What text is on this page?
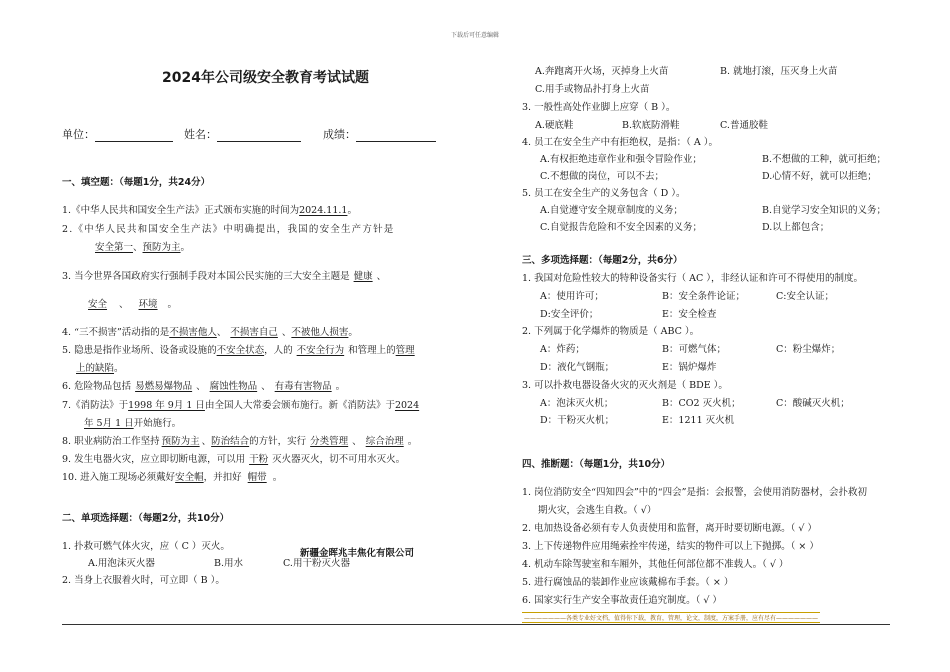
下载后可任意编辑
2024年公司级安全教育考试试题
单位：	姓名：	成绩：
一、填空题：（每题1分，共24分）
1.《中华人民共和国安全生产法》正式颁布实施的时间为2024.11.1。
2.《中华人民共和国安全生产法》中明确提出，我国的安全生产方针是
安全第一、预防为主。
3. 当今世界各国政府实行强制手段对本国公民实施的三大安全主题是 健康 、
安全 、 环境 。
4. “三不损害”活动指的是不损害他人、 不损害自己 、不被他人损害。
5. 隐患是指作业场所、设备或设施的不安全状态，人的 不安全行为 和管理上的管理
上的缺陷。
6. 危险物品包括 易燃易爆物品 、 腐蚀性物品 、 有毒有害物品 。
7.《消防法》于1998 年 9月 1 日由全国人大常委会颁布施行。新《消防法》于2024
年 5月 1 日开始施行。
8. 职业病防治工作坚持 预防为主 、防治结合的方针，实行 分类管理 、 综合治理 。
9. 发生电器火灾，应立即切断电源，可以用 干粉 灭火器灭火，切不可用水灭火。
10. 进入施工现场必须戴好安全帽，并扣好 帽带 。
二、单项选择题：（每题2分，共10分）
1. 扑救可燃气体火灾，应（ C ）灭火。
A.用泡沫灭火器	B.用水	C.用干粉灭火器
2. 当身上衣服着火时，可立即（ B ）。
新疆金晖兆丰焦化有限公司
A.奔跑离开火场，灭掉身上火苗	B. 就地打滚，压灭身上火苗
C.用手或物品扑打身上火苗
3. 一般性高处作业脚上应穿（ B ）。
A.硬底鞋	B.软底防滑鞋	C.普通胶鞋
4. 员工在安全生产中有拒绝权，是指：（ A ）。
A.有权拒绝违章作业和强令冒险作业；	B.不想做的工种，就可拒绝；
C.不想做的岗位，可以不去；	D.心情不好，就可以拒绝；
5. 员工在安全生产的义务包含（ D ）。
A.自觉遵守安全规章制度的义务；	B.自觉学习安全知识的义务；
C.自觉报告危险和不安全因素的义务；	D.以上都包含；
三、多项选择题：（每题2分，共6分）
1. 我国对危险性较大的特种设备实行（ AC ），非经认证和许可不得使用的制度。
A：使用许可；	B：安全条件论证；	C:安全认证；
D:安全评价；	E：安全检查
2. 下列属于化学爆炸的物质是（ ABC ）。
A：炸药；	B：可燃气体；	C：粉尘爆炸；
D：液化气钢瓶；	E：锅炉爆炸
3. 可以扑救电器设备火灾的灭火剂是（ BDE ）。
A：泡沫灭火机；	B：CO2 灭火机；	C：酸碱灭火机；
D：干粉灭火机；	E：1211 灭火机
四、推断题：（每题1分，共10分）
1. 岗位消防安全“四知四会”中的“四会”是指：会报警，会使用消防器材，会扑救初
期火灾，会逃生自救。（ √）
2. 电加热设备必须有专人负责使用和监督，离开时要切断电源。（ √ ）
3. 上下传递物件应用绳索拴牢传递，结实的物件可以上下抛掷。（ × ）
4. 机动车除驾驶室和车厢外，其他任何部位都不准载人。（ √ ）
5. 进行腐蚀品的装卸作业应该戴棉布手套。（ × ）
6. 国家实行生产安全事故责任追究制度。（ √ ）
———————各类专业好文档，值得你下载，教育，管理，论文，制度，方案手册，应有尽有———————
